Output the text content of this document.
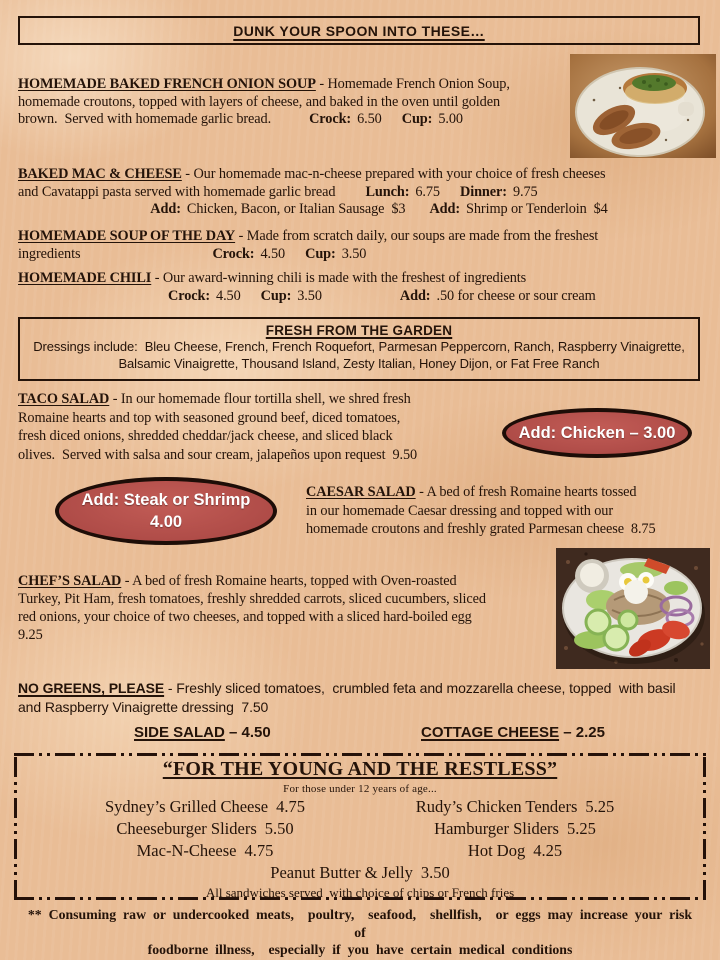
DUNK YOUR SPOON INTO THESE…
HOMEMADE BAKED FRENCH ONION SOUP - Homemade French Onion Soup,
homemade croutons, topped with layers of cheese, and baked in the oven until golden
brown.  Served with homemade garlic bread.	Crock: 6.50 Cup: 5.00
BAKED MAC & CHEESE - Our homemade mac-n-cheese prepared with your choice of fresh cheeses
and Cavatappi pasta served with homemade garlic bread Lunch: 6.75 Dinner: 9.75
Add: Chicken, Bacon, or Italian Sausage  $3 Add: Shrimp or Tenderloin  $4
HOMEMADE SOUP OF THE DAY - Made from scratch daily, our soups are made from the freshest
ingredients	Crock: 4.50 Cup: 3.50
HOMEMADE CHILI - Our award-winning chili is made with the freshest of ingredients
Crock: 4.50 Cup: 3.50	Add: .50 for cheese or sour cream
FRESH FROM THE GARDEN
Dressings include:  Bleu Cheese, French, French Roquefort, Parmesan Peppercorn, Ranch, Raspberry Vinaigrette,
Balsamic Vinaigrette, Thousand Island, Zesty Italian, Honey Dijon, or Fat Free Ranch
TACO SALAD - In our homemade flour tortilla shell, we shred fresh
Romaine hearts and top with seasoned ground beef, diced tomatoes,
fresh diced onions, shredded cheddar/jack cheese, and sliced black
olives.  Served with salsa and sour cream, jalapeños upon request  9.50
Add: Chicken – 3.00
Add: Steak or Shrimp
4.00
CAESAR SALAD - A bed of fresh Romaine hearts tossed
in our homemade Caesar dressing and topped with our
homemade croutons and freshly grated Parmesan cheese  8.75
CHEF’S SALAD - A bed of fresh Romaine hearts, topped with Oven-roasted
Turkey, Pit Ham, fresh tomatoes, freshly shredded carrots, sliced cucumbers, sliced
red onions, your choice of two cheeses, and topped with a sliced hard-boiled egg
9.25
NO GREENS, PLEASE - Freshly sliced tomatoes,  crumbled feta and mozzarella cheese, topped  with basil
and Raspberry Vinaigrette dressing  7.50
SIDE SALAD – 4.50	COTTAGE CHEESE – 2.25
“FOR THE YOUNG AND THE RESTLESS”
For those under 12 years of age...
Sydney’s Grilled Cheese 4.75	Rudy’s Chicken Tenders 5.25
Cheeseburger Sliders 5.50	Hamburger Sliders 5.25
Mac-N-Cheese 4.75	Hot Dog 4.25
Peanut Butter & Jelly 3.50
All sandwiches served  with choice of chips or French fries
** Consuming raw or undercooked meats,  poultry,  seafood,  shellfish,  or eggs may increase your risk of
foodborne illness,  especially if you have certain medical conditions
